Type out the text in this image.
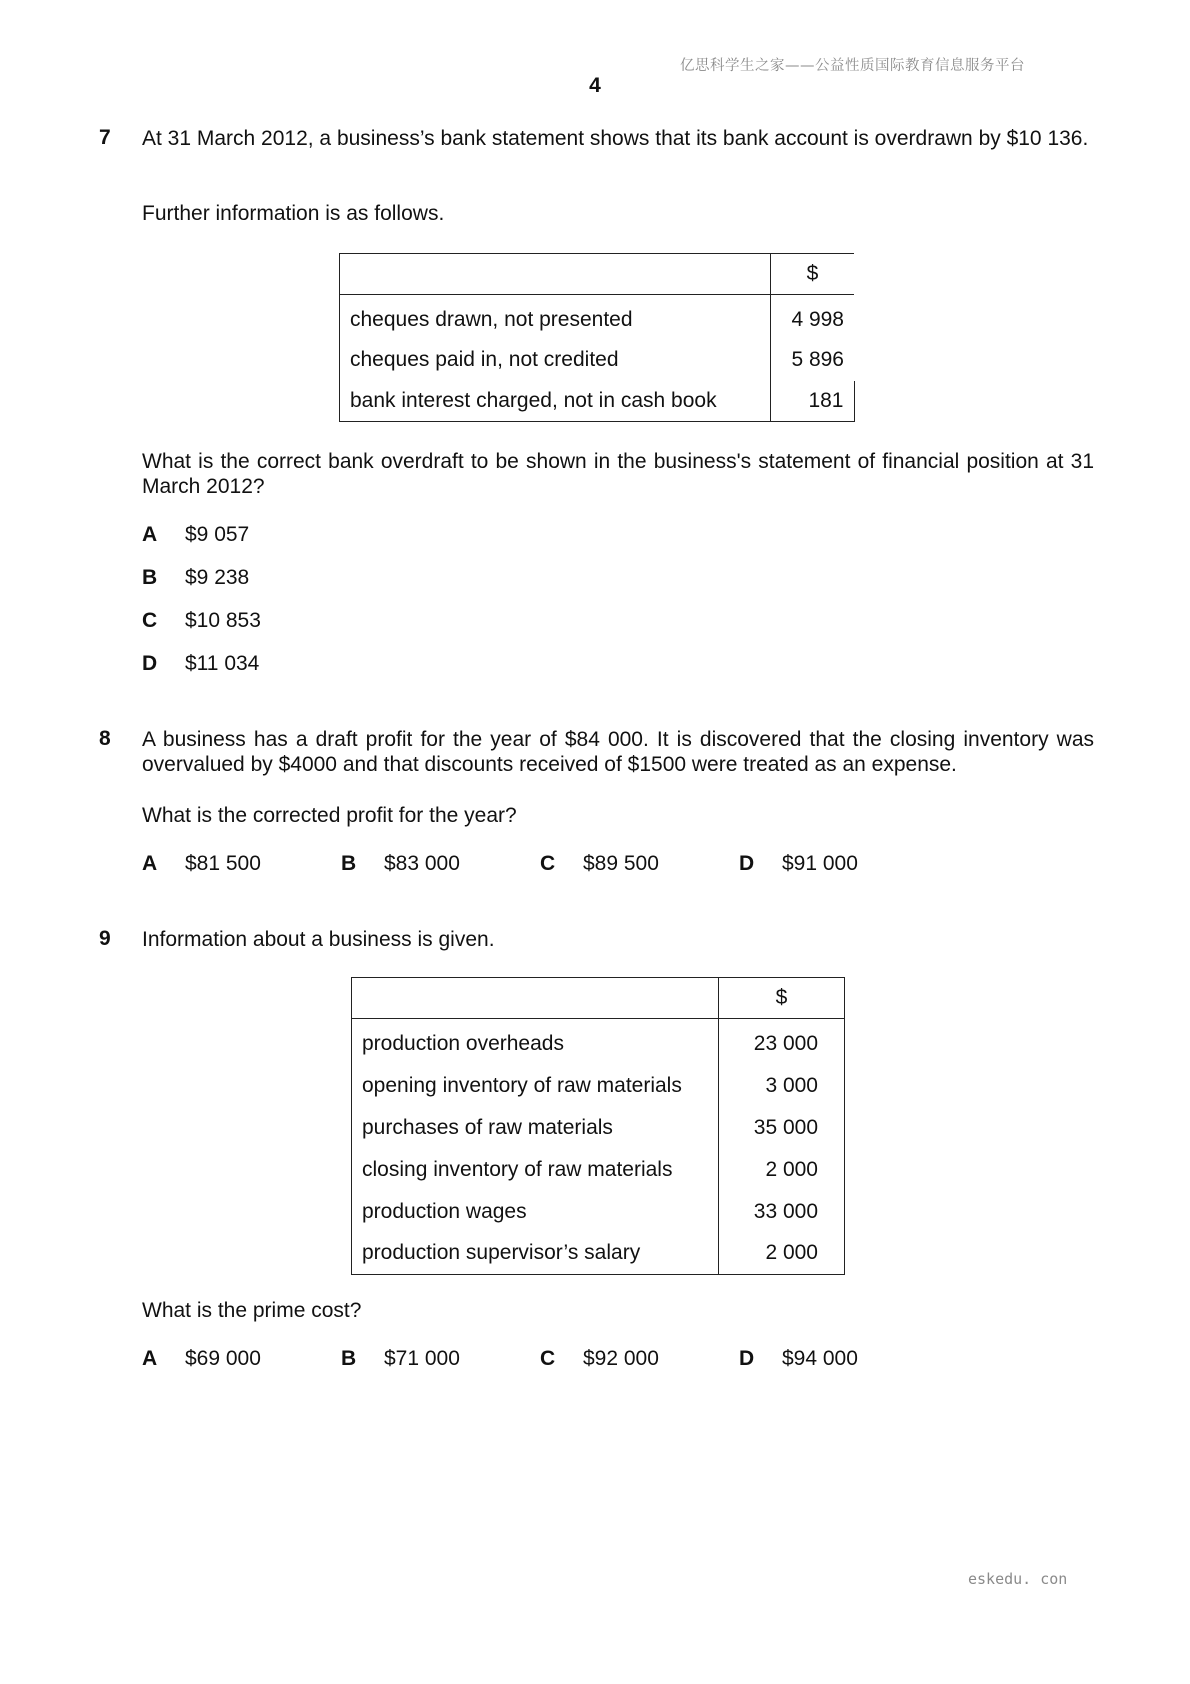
亿思科学生之家——公益性质国际教育信息服务平台
4
7 At 31 March 2012, a business’s bank statement shows that its bank account is overdrawn by $10 136.
Further information is as follows.
	$
cheques drawn, not presented	4 998
cheques paid in, not credited	5 896
bank interest charged, not in cash book	181
What is the correct bank overdraft to be shown in the business's statement of financial position at 31 March 2012?
A $9 057
B $9 238
C $10 853
D $11 034
8 A business has a draft profit for the year of $84 000. It is discovered that the closing inventory was overvalued by $4000 and that discounts received of $1500 were treated as an expense.
What is the corrected profit for the year?
A $81 500	B $83 000	C $89 500	D $91 000
9 Information about a business is given.
	$
production overheads	23 000
opening inventory of raw materials	3 000
purchases of raw materials	35 000
closing inventory of raw materials	2 000
production wages	33 000
production supervisor’s salary	2 000
What is the prime cost?
A $69 000	B $71 000	C $92 000	D $94 000
eskedu. con
